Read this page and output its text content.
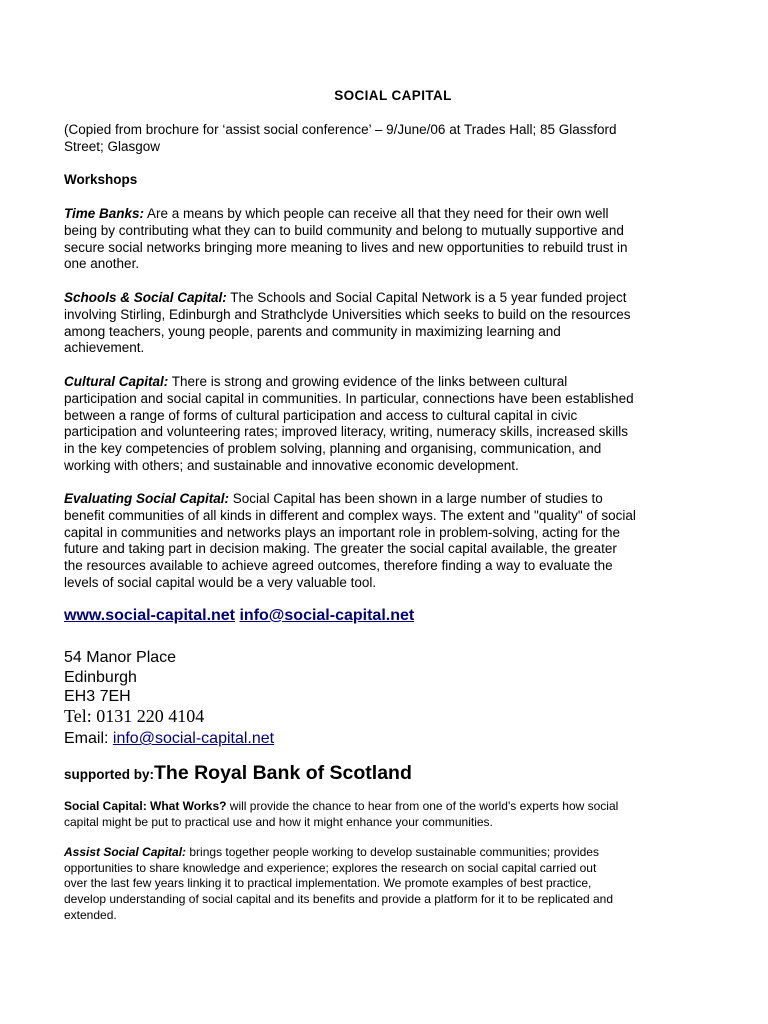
SOCIAL CAPITAL
(Copied from brochure for ‘assist social conference’ – 9/June/06 at Trades Hall; 85 Glassford
Street; Glasgow
Workshops
Time Banks: Are a means by which people can receive all that they need for their own well
being by contributing what they can to build community and belong to mutually supportive and
secure social networks bringing more meaning to lives and new opportunities to rebuild trust in
one another.
Schools & Social Capital: The Schools and Social Capital Network is a 5 year funded project
involving Stirling, Edinburgh and Strathclyde Universities which seeks to build on the resources
among teachers, young people, parents and community in maximizing learning and
achievement.
Cultural Capital: There is strong and growing evidence of the links between cultural
participation and social capital in communities. In particular, connections have been established
between a range of forms of cultural participation and access to cultural capital in civic
participation and volunteering rates; improved literacy, writing, numeracy skills, increased skills
in the key competencies of problem solving, planning and organising, communication, and
working with others; and sustainable and innovative economic development.
Evaluating Social Capital: Social Capital has been shown in a large number of studies to
benefit communities of all kinds in different and complex ways. The extent and "quality" of social
capital in communities and networks plays an important role in problem-solving, acting for the
future and taking part in decision making. The greater the social capital available, the greater
the resources available to achieve agreed outcomes, therefore finding a way to evaluate the
levels of social capital would be a very valuable tool.
www.social-capital.net info@social-capital.net
54 Manor Place
Edinburgh
EH3 7EH
Tel: 0131 220 4104
Email: info@social-capital.net
supported by:The Royal Bank of Scotland
Social Capital: What Works? will provide the chance to hear from one of the world's experts how social
capital might be put to practical use and how it might enhance your communities.
Assist Social Capital: brings together people working to develop sustainable communities; provides
opportunities to share knowledge and experience; explores the research on social capital carried out
over the last few years linking it to practical implementation. We promote examples of best practice,
develop understanding of social capital and its benefits and provide a platform for it to be replicated and
extended.
